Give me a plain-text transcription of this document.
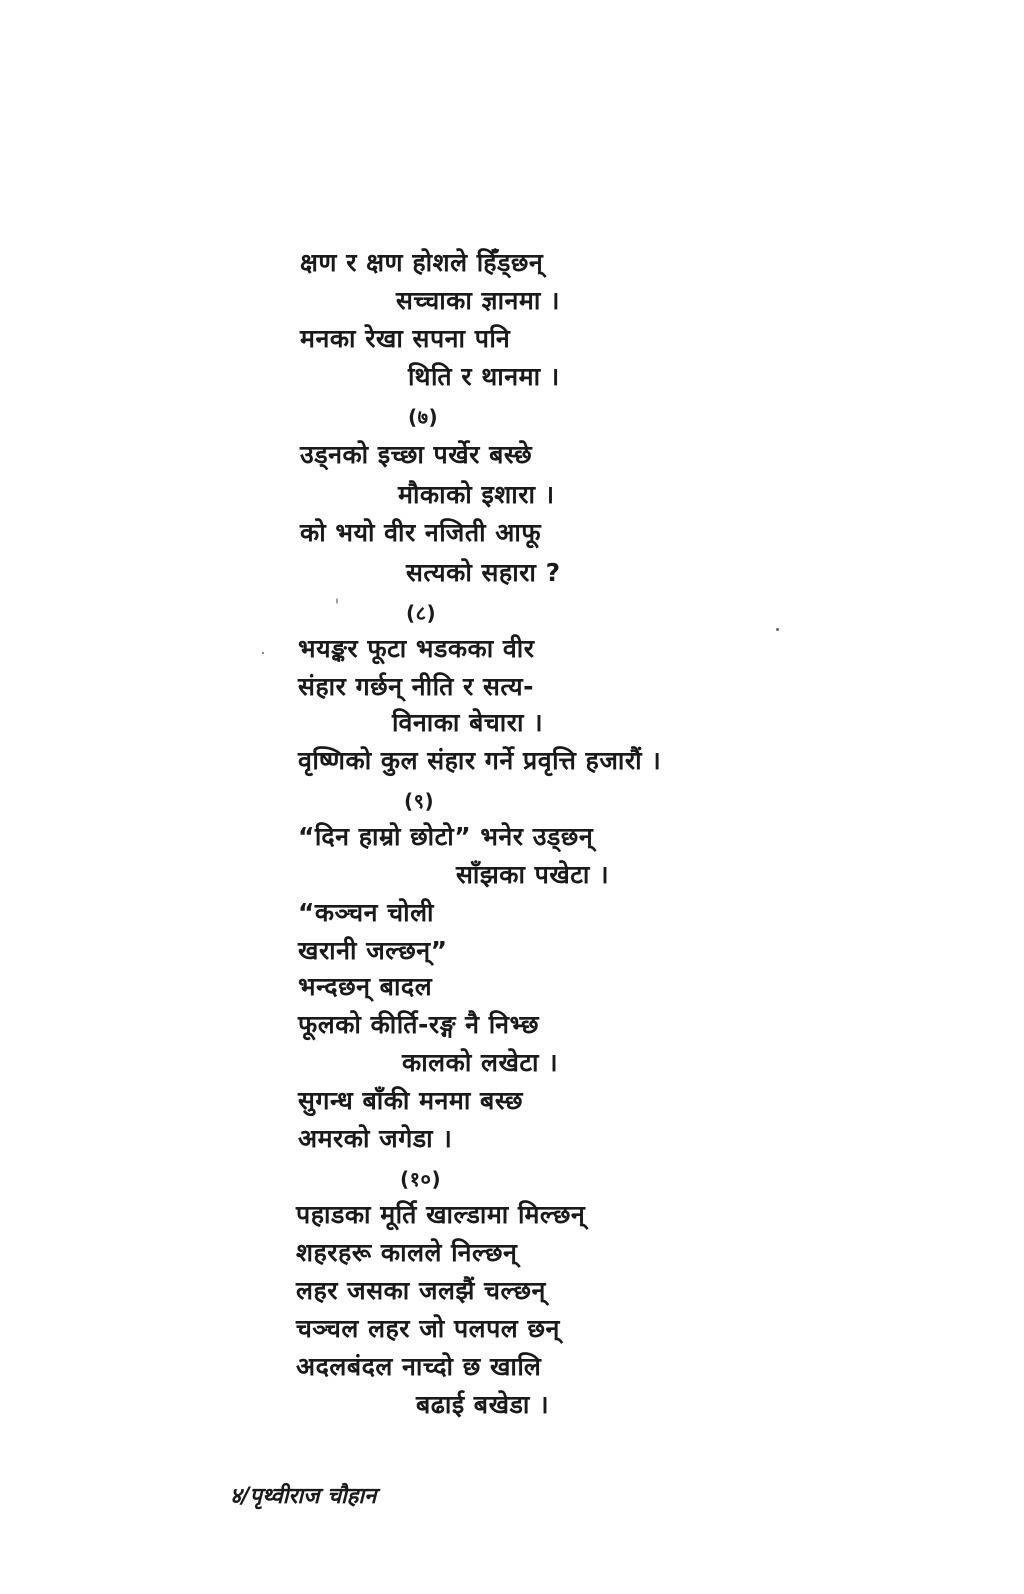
क्षण र क्षण होशले हिँड्छन्
सच्चाका ज्ञानमा ।
मनका रेखा सपना पनि
थिति र थानमा ।
(७)
उड्नको इच्छा पर्खेर बस्छे
मौकाको इशारा ।
को भयो वीर नजिती आफू
सत्यको सहारा ?
(८)
भयङ्कर फूटा भडकका वीर
संहार गर्छन् नीति र सत्य-
विनाका बेचारा ।
वृष्णिको कुल संहार गर्ने प्रवृत्ति हजारौं ।
(९)
“दिन हाम्रो छोटो” भनेर उड्छन्
साँझका पखेटा ।
“कञ्चन चोली
खरानी जल्छन्”
भन्दछन् बादल
फूलको कीर्ति-रङ्ग नै निभ्छ
कालको लखेटा ।
सुगन्ध बाँकी मनमा बस्छ
अमरको जगेडा ।
(१०)
पहाडका मूर्ति खाल्डामा मिल्छन्
शहरहरू कालले निल्छन्
लहर जसका जलझैं चल्छन्
चञ्चल लहर जो पलपल छन्
अदलबंदल नाच्दो छ खालि
बढाई बखेडा ।
४/पृथ्वीराज चौहान
